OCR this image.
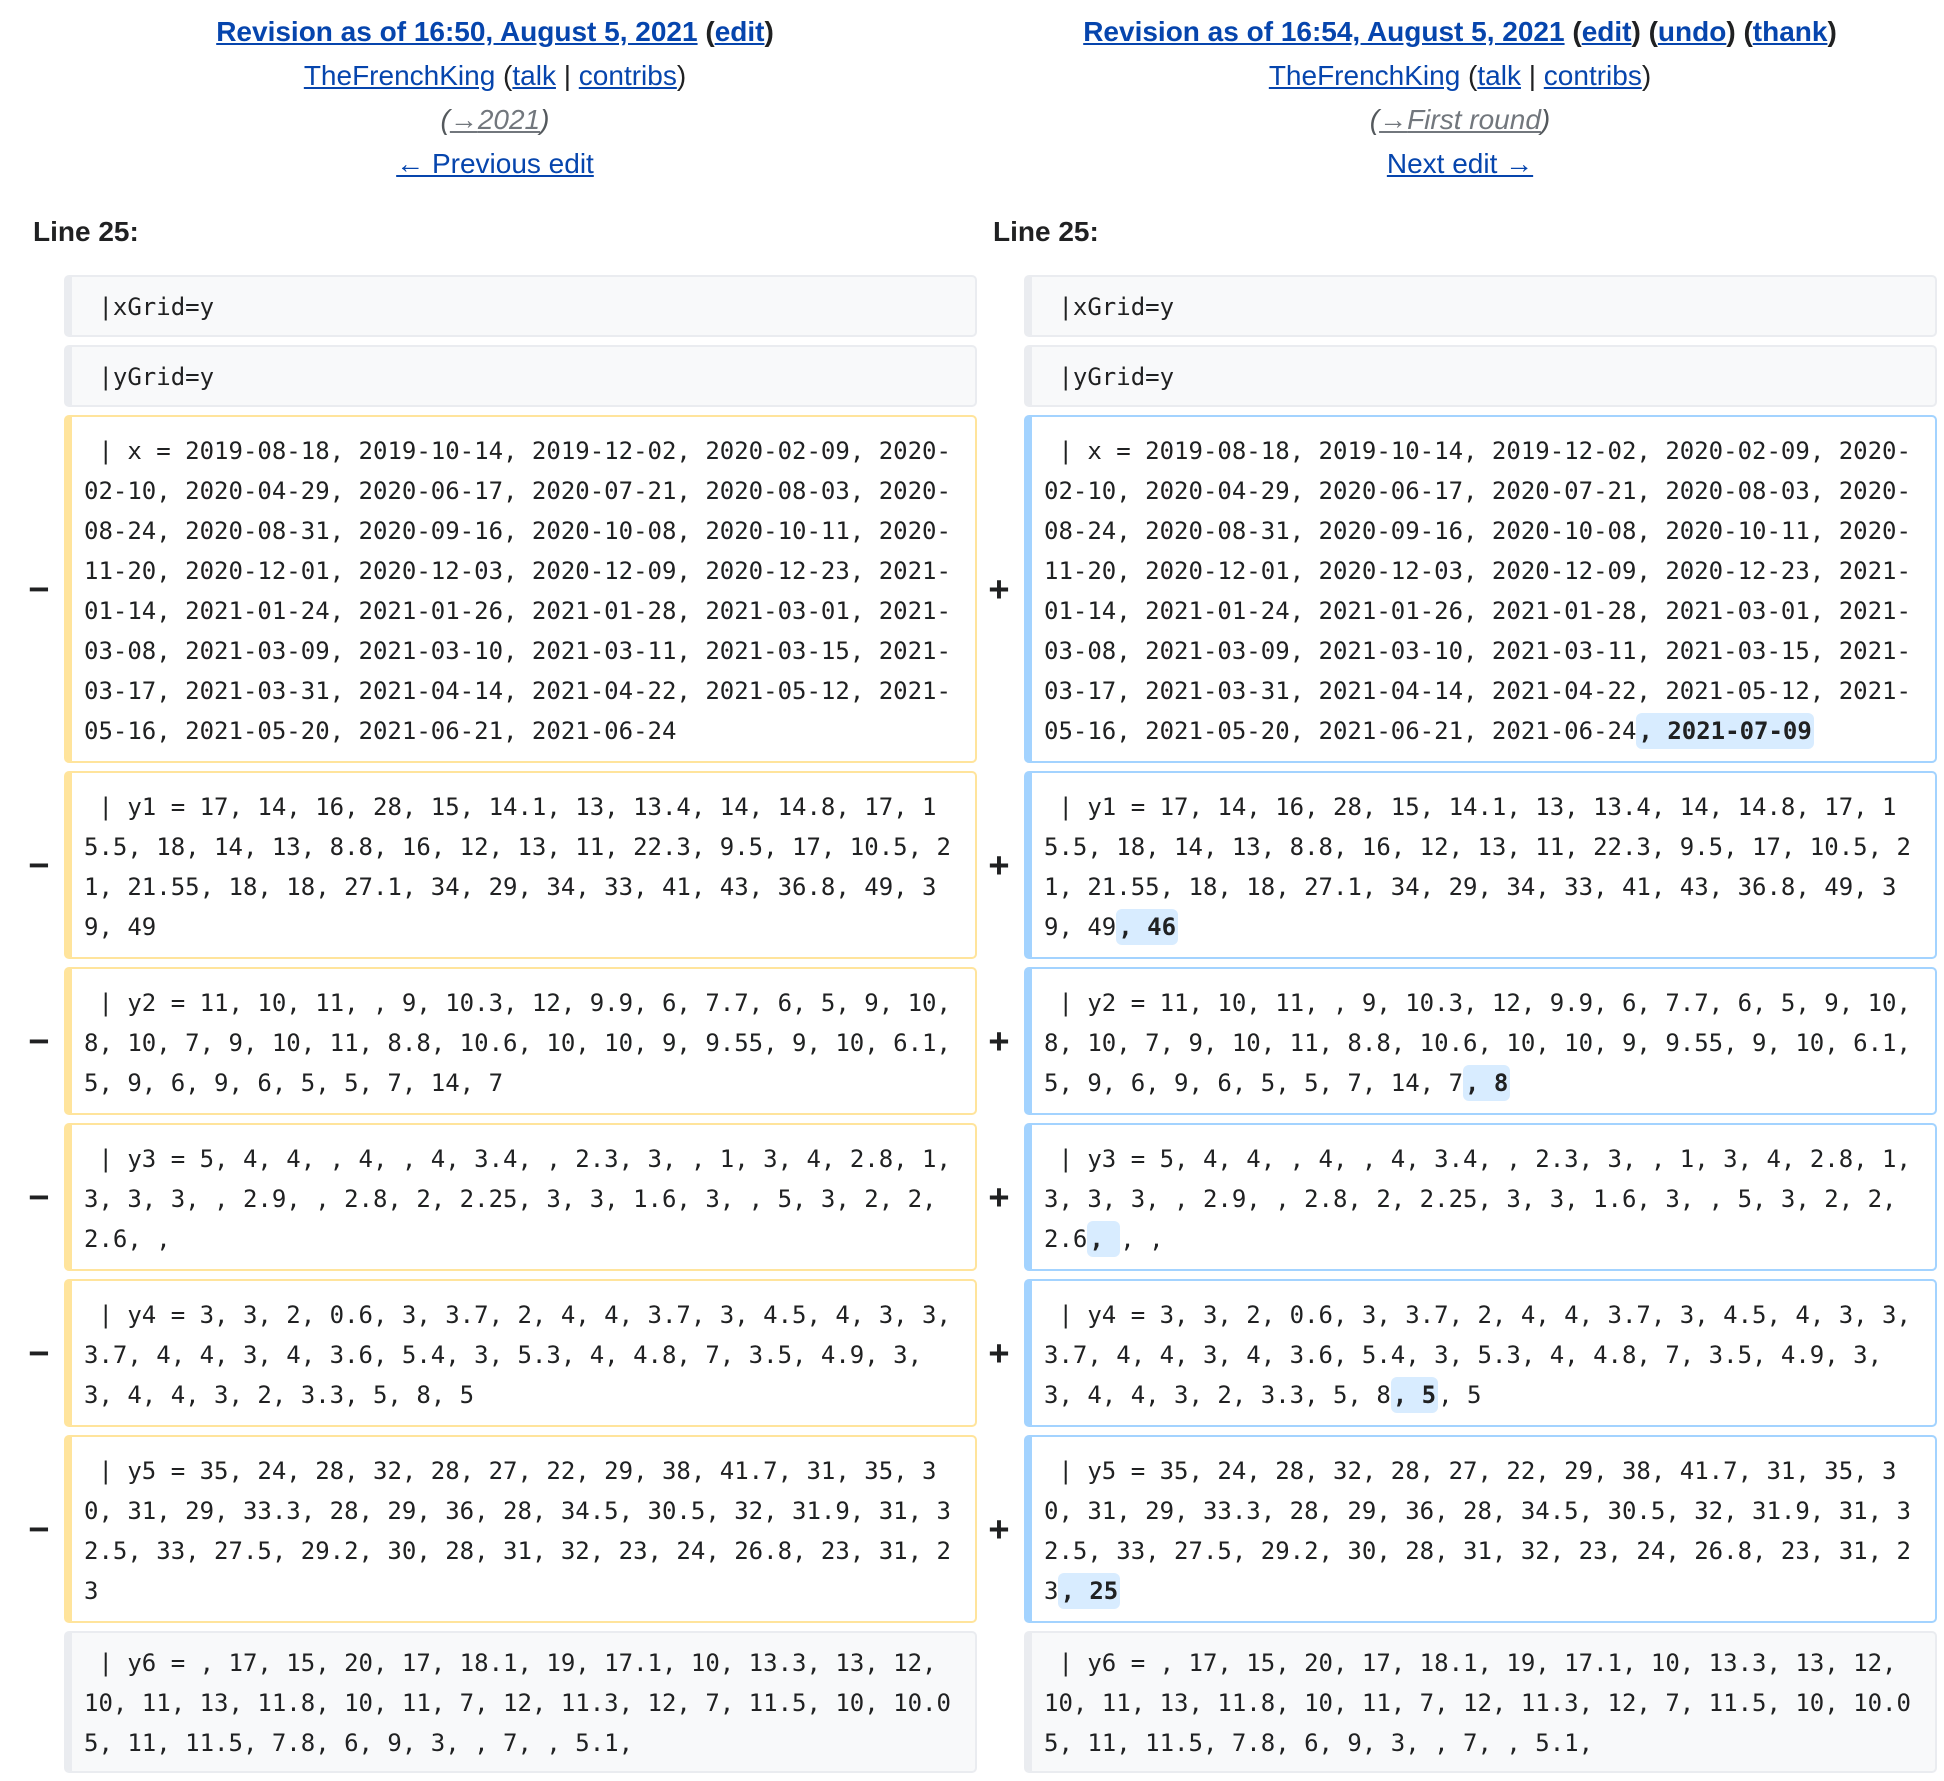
Revision as of 16:50, August 5, 2021 (edit)
TheFrenchKing (talk | contribs)
(→2021)
← Previous edit
Revision as of 16:54, August 5, 2021 (edit) (undo) (thank)
TheFrenchKing (talk | contribs)
(→First round)
Next edit →
Line 25:	Line 25:
|xGrid=y
|yGrid=y
−
| x = 2019-08-18, 2019-10-14, 2019-12-02, 2020-02-09, 2020-02-10, 2020-04-29, 2020-06-17, 2020-07-21, 2020-08-03, 2020-08-24, 2020-08-31, 2020-09-16, 2020-10-08, 2020-10-11, 2020-11-20, 2020-12-01, 2020-12-03, 2020-12-09, 2020-12-23, 2021-01-14, 2021-01-24, 2021-01-26, 2021-01-28, 2021-03-01, 2021-03-08, 2021-03-09, 2021-03-10, 2021-03-11, 2021-03-15, 2021-03-17, 2021-03-31, 2021-04-14, 2021-04-22, 2021-05-12, 2021-05-16, 2021-05-20, 2021-06-21, 2021-06-24
−
| y1 = 17, 14, 16, 28, 15, 14.1, 13, 13.4, 14, 14.8, 17, 15.5, 18, 14, 13, 8.8, 16, 12, 13, 11, 22.3, 9.5, 17, 10.5, 21, 21.55, 18, 18, 27.1, 34, 29, 34, 33, 41, 43, 36.8, 49, 39, 49
−
| y2 = 11, 10, 11, , 9, 10.3, 12, 9.9, 6, 7.7, 6, 5, 9, 10, 8, 10, 7, 9, 10, 11, 8.8, 10.6, 10, 10, 9, 9.55, 9, 10, 6.1, 5, 9, 6, 9, 6, 5, 5, 7, 14, 7
−
| y3 = 5, 4, 4, , 4, , 4, 3.4, , 2.3, 3, , 1, 3, 4, 2.8, 1, 3, 3, 3, , 2.9, , 2.8, 2, 2.25, 3, 3, 1.6, 3, , 5, 3, 2, 2, 2.6, ,
−
| y4 = 3, 3, 2, 0.6, 3, 3.7, 2, 4, 4, 3.7, 3, 4.5, 4, 3, 3, 3.7, 4, 4, 3, 4, 3.6, 5.4, 3, 5.3, 4, 4.8, 7, 3.5, 4.9, 3, 3, 4, 4, 3, 2, 3.3, 5, 8, 5
−
| y5 = 35, 24, 28, 32, 28, 27, 22, 29, 38, 41.7, 31, 35, 30, 31, 29, 33.3, 28, 29, 36, 28, 34.5, 30.5, 32, 31.9, 31, 32.5, 33, 27.5, 29.2, 30, 28, 31, 32, 23, 24, 26.8, 23, 31, 23
| y6 = , 17, 15, 20, 17, 18.1, 19, 17.1, 10, 13.3, 13, 12, 10, 11, 13, 11.8, 10, 11, 7, 12, 11.3, 12, 7, 11.5, 10, 10.05, 11, 11.5, 7.8, 6, 9, 3, , 7, , 5.1,
|xGrid=y
|yGrid=y
+
| x = 2019-08-18, 2019-10-14, 2019-12-02, 2020-02-09, 2020-02-10, 2020-04-29, 2020-06-17, 2020-07-21, 2020-08-03, 2020-08-24, 2020-08-31, 2020-09-16, 2020-10-08, 2020-10-11, 2020-11-20, 2020-12-01, 2020-12-03, 2020-12-09, 2020-12-23, 2021-01-14, 2021-01-24, 2021-01-26, 2021-01-28, 2021-03-01, 2021-03-08, 2021-03-09, 2021-03-10, 2021-03-11, 2021-03-15, 2021-03-17, 2021-03-31, 2021-04-14, 2021-04-22, 2021-05-12, 2021-05-16, 2021-05-20, 2021-06-21, 2021-06-24, 2021-07-09
+
| y1 = 17, 14, 16, 28, 15, 14.1, 13, 13.4, 14, 14.8, 17, 15.5, 18, 14, 13, 8.8, 16, 12, 13, 11, 22.3, 9.5, 17, 10.5, 21, 21.55, 18, 18, 27.1, 34, 29, 34, 33, 41, 43, 36.8, 49, 39, 49, 46
+
| y2 = 11, 10, 11, , 9, 10.3, 12, 9.9, 6, 7.7, 6, 5, 9, 10, 8, 10, 7, 9, 10, 11, 8.8, 10.6, 10, 10, 9, 9.55, 9, 10, 6.1, 5, 9, 6, 9, 6, 5, 5, 7, 14, 7, 8
+
| y3 = 5, 4, 4, , 4, , 4, 3.4, , 2.3, 3, , 1, 3, 4, 2.8, 1, 3, 3, 3, , 2.9, , 2.8, 2, 2.25, 3, 3, 1.6, 3, , 5, 3, 2, 2, 2.6, , ,
+
| y4 = 3, 3, 2, 0.6, 3, 3.7, 2, 4, 4, 3.7, 3, 4.5, 4, 3, 3, 3.7, 4, 4, 3, 4, 3.6, 5.4, 3, 5.3, 4, 4.8, 7, 3.5, 4.9, 3, 3, 4, 4, 3, 2, 3.3, 5, 8, 5, 5
+
| y5 = 35, 24, 28, 32, 28, 27, 22, 29, 38, 41.7, 31, 35, 30, 31, 29, 33.3, 28, 29, 36, 28, 34.5, 30.5, 32, 31.9, 31, 32.5, 33, 27.5, 29.2, 30, 28, 31, 32, 23, 24, 26.8, 23, 31, 23, 25
| y6 = , 17, 15, 20, 17, 18.1, 19, 17.1, 10, 13.3, 13, 12, 10, 11, 13, 11.8, 10, 11, 7, 12, 11.3, 12, 7, 11.5, 10, 10.05, 11, 11.5, 7.8, 6, 9, 3, , 7, , 5.1,
